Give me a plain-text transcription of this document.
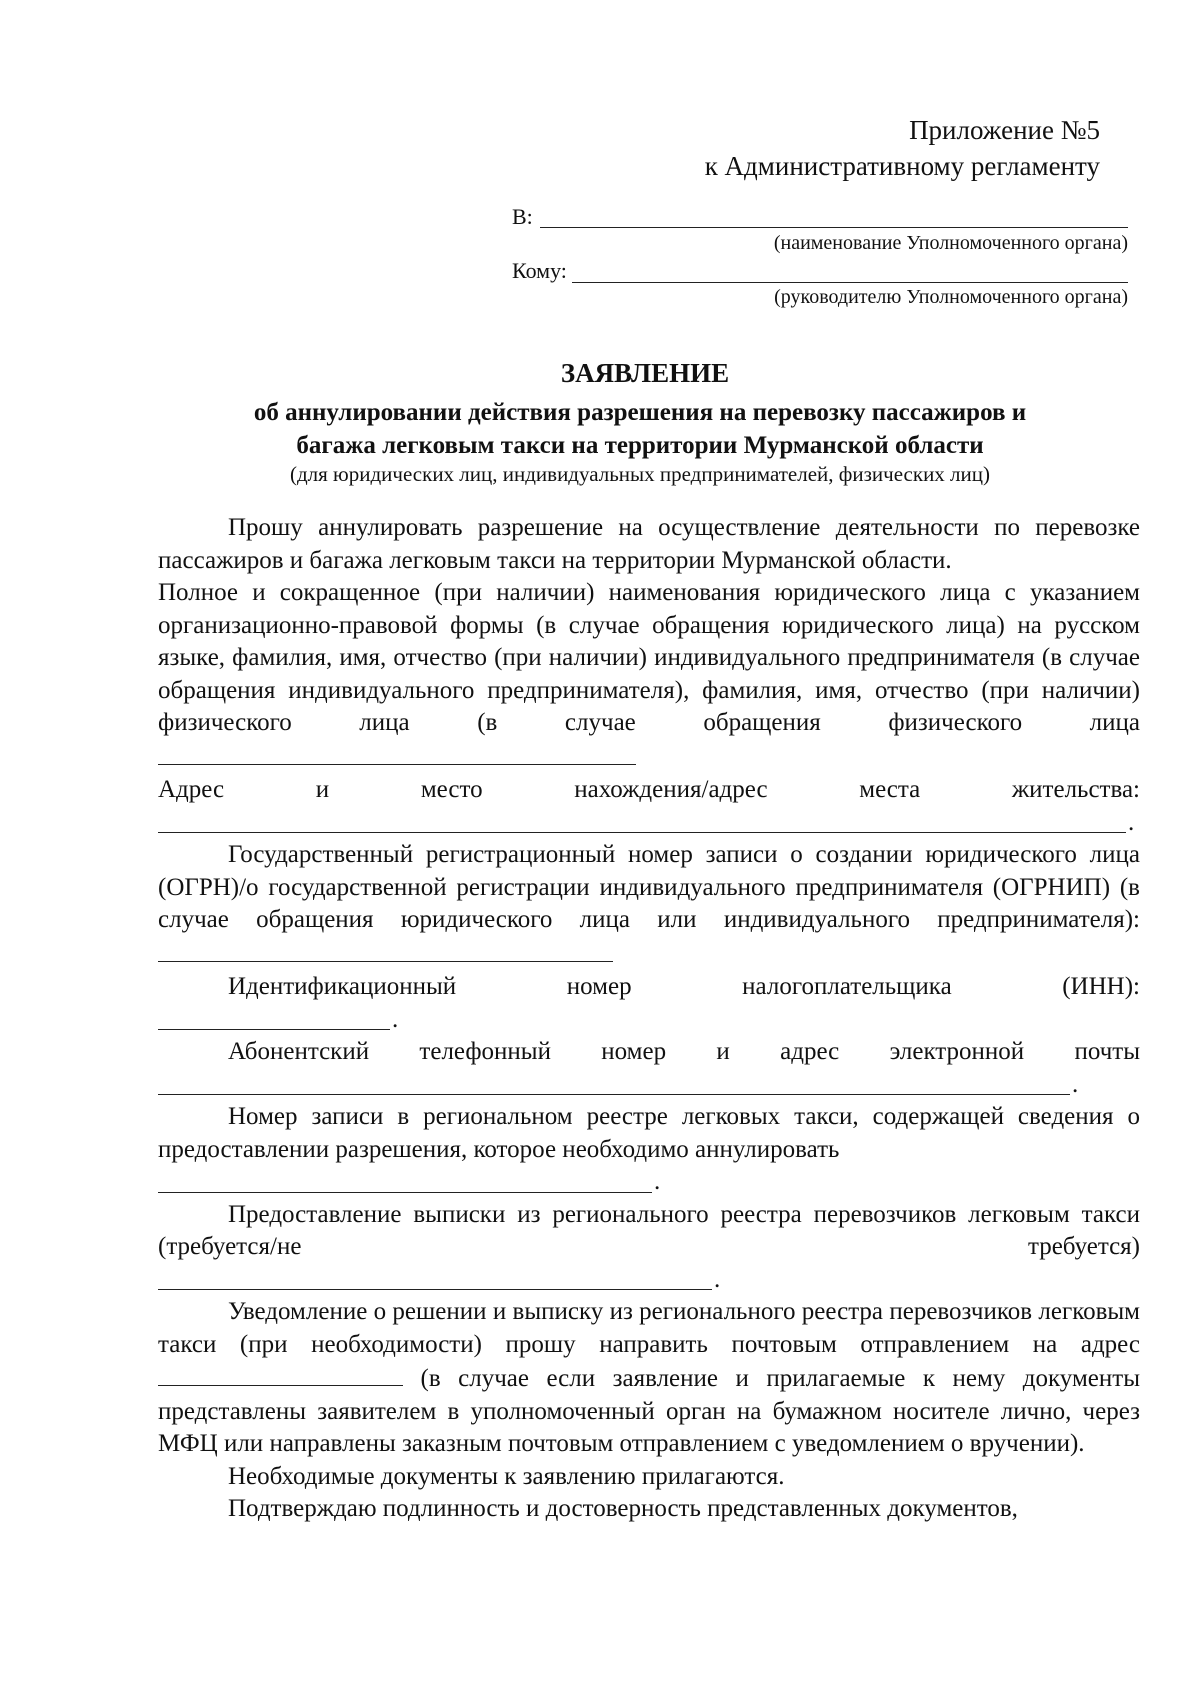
Приложение №5
к Административному регламенту
В:
(наименование Уполномоченного органа)
Кому:
(руководителю Уполномоченного органа)
ЗАЯВЛЕНИЕ
об аннулировании действия разрешения на перевозку пассажиров и
багажа легковым такси на территории Мурманской области
(для юридических лиц, индивидуальных предпринимателей, физических лиц)

Прошу аннулировать разрешение на осуществление деятельности по перевозке пассажиров и багажа легковым такси на территории Мурманской области.

Полное и сокращенное (при наличии) наименования юридического лица с указанием организационно-правовой формы (в случае обращения юридического лица) на русском языке, фамилия, имя, отчество (при наличии) индивидуального предпринимателя (в случае обращения индивидуального предпринимателя), фамилия, имя, отчество (при наличии) физического лица (в случае обращения физического лица

Адрес и место нахождения/адрес места жительства:

.

Государственный регистрационный номер записи о создании юридического лица (ОГРН)/о государственной регистрации индивидуального предпринимателя (ОГРНИП) (в случае обращения юридического лица или индивидуального предпринимателя):

Идентификационный номер налогоплательщика (ИНН):

.

Абонентский телефонный номер и адрес электронной почты

.

Номер записи в региональном реестре легковых такси, содержащей сведения о предоставлении разрешения, которое необходимо аннулировать

.

Предоставление выписки из регионального реестра перевозчиков легковым такси (требуется/не требуется)

.

Уведомление о решении и выписку из регионального реестра перевозчиков легковым такси (при необходимости) прошу направить почтовым отправлением на адрес  (в случае если заявление и прилагаемые к нему документы представлены заявителем в уполномоченный орган на бумажном носителе лично, через МФЦ или направлены заказным почтовым отправлением с уведомлением о вручении).

Необходимые документы к заявлению прилагаются.

Подтверждаю подлинность и достоверность представленных документов,
